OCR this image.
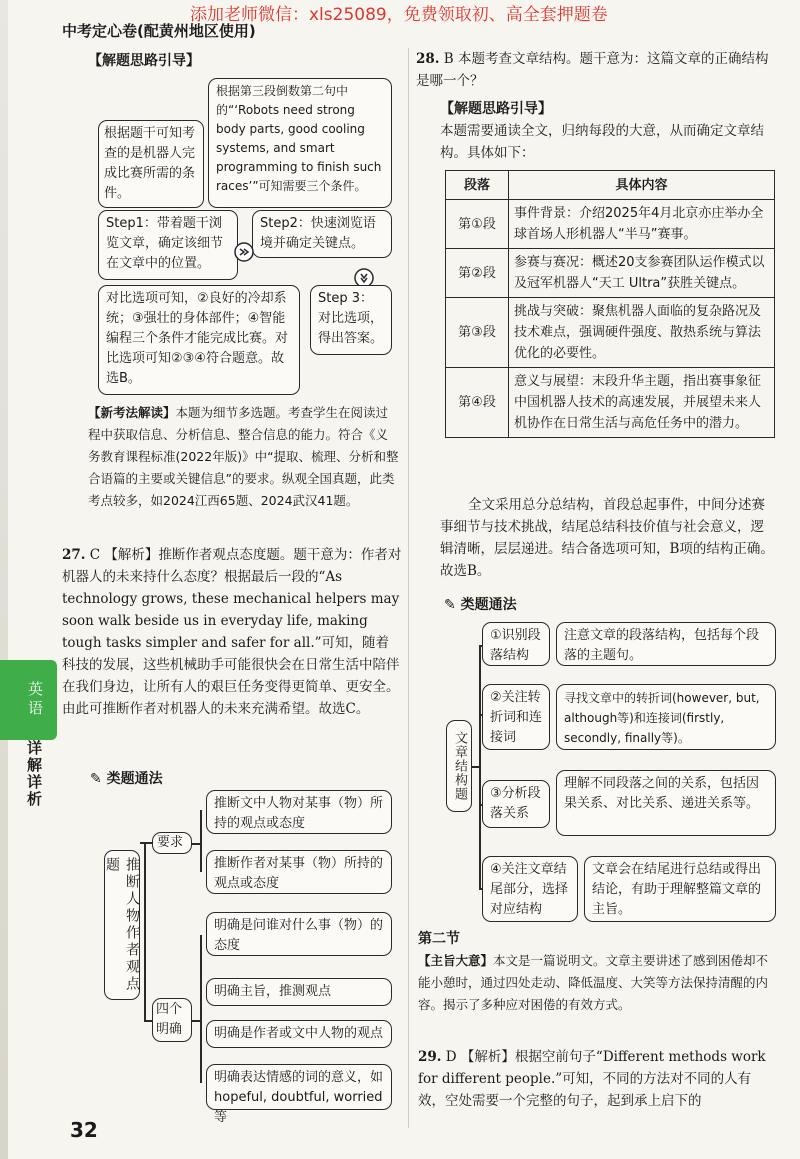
添加老师微信：xls25089，免费领取初、高全套押题卷
中考定心卷(配黄州地区使用)
英语
详解详析
【解题思路引导】
根据题干可知考查的是机器人完成比赛所需的条件。
根据第三段倒数第二句中的“‘Robots need strong body parts, good cooling systems, and smart programming to finish such races’”可知需要三个条件。
Step1：带着题干浏览文章，确定该细节在文章中的位置。
Step2：快速浏览语境并确定关键点。
对比选项可知，②良好的冷却系统；③强壮的身体部件；④智能编程三个条件才能完成比赛。对比选项可知②③④符合题意。故选B。
Step 3：对比选项，得出答案。
【新考法解读】本题为细节多选题。考查学生在阅读过程中获取信息、分析信息、整合信息的能力。符合《义务教育课程标准(2022年版)》中“提取、梳理、分析和整合语篇的主要或关键信息”的要求。纵观全国真题，此类考点较多，如2024江西65题、2024武汉41题。
27. C 【解析】推断作者观点态度题。题干意为：作者对机器人的未来持什么态度？根据最后一段的“As technology grows, these mechanical helpers may soon walk beside us in everyday life, making tough tasks simpler and safer for all.”可知，随着科技的发展，这些机械助手可能很快会在日常生活中陪伴在我们身边，让所有人的艰巨任务变得更简单、更安全。由此可推断作者对机器人的未来充满希望。故选C。
✎ 类题通法
推断人物作者观点题
要求
推断文中人物对某事（物）所持的观点或态度
推断作者对某事（物）所持的观点或态度
四个明确
明确是问谁对什么事（物）的态度
明确主旨，推测观点
明确是作者或文中人物的观点
明确表达情感的词的意义，如hopeful, doubtful, worried等
32
28. B 本题考查文章结构。题干意为：这篇文章的正确结构是哪一个？
【解题思路引导】
本题需要通读全文，归纳每段的大意，从而确定文章结构。具体如下：
段落	具体内容
第①段	事件背景：介绍2025年4月北京亦庄举办全球首场人形机器人“半马”赛事。
第②段	参赛与赛况：概述20支参赛团队运作模式以及冠军机器人“天工 Ultra”获胜关键点。
第③段	挑战与突破：聚焦机器人面临的复杂路况及技术难点，强调硬件强度、散热系统与算法优化的必要性。
第④段	意义与展望：末段升华主题，指出赛事象征中国机器人技术的高速发展，并展望未来人机协作在日常生活与高危任务中的潜力。
全文采用总分总结构，首段总起事件，中间分述赛事细节与技术挑战，结尾总结科技价值与社会意义，逻辑清晰，层层递进。结合备选项可知，B项的结构正确。故选B。
✎ 类题通法
文章结构题
①识别段落结构
注意文章的段落结构，包括每个段落的主题句。
②关注转折词和连接词
寻找文章中的转折词(however, but, although等)和连接词(firstly, secondly, finally等)。
③分析段落关系
理解不同段落之间的关系，包括因果关系、对比关系、递进关系等。
④关注文章结尾部分，选择对应结构
文章会在结尾进行总结或得出结论，有助于理解整篇文章的主旨。
第二节
【主旨大意】本文是一篇说明文。文章主要讲述了感到困倦却不能小憩时，通过四处走动、降低温度、大笑等方法保持清醒的内容。揭示了多种应对困倦的有效方式。
29. D 【解析】根据空前句子“Different methods work for different people.”可知，不同的方法对不同的人有效，空处需要一个完整的句子，起到承上启下的
